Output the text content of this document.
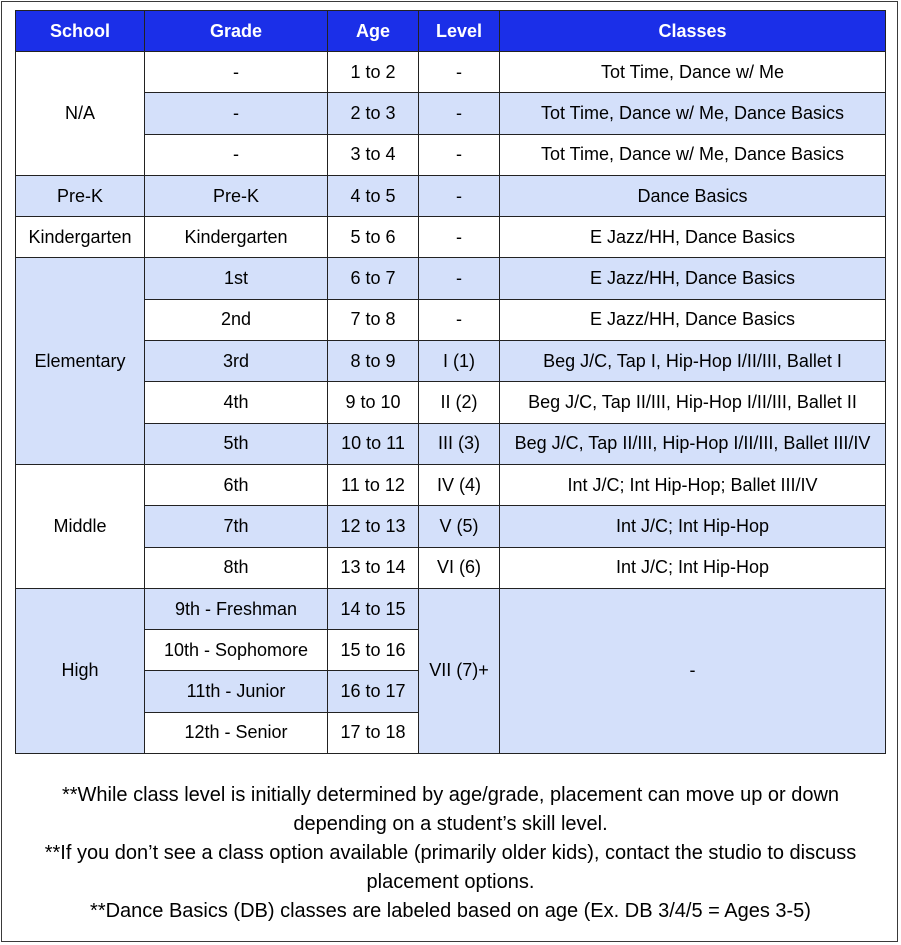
School	Grade	Age	Level	Classes
N/A	-	1 to 2	-	Tot Time, Dance w/ Me
	-	2 to 3	-	Tot Time, Dance w/ Me, Dance Basics
	-	3 to 4	-	Tot Time, Dance w/ Me, Dance Basics
Pre-K	Pre-K	4 to 5	-	Dance Basics
Kindergarten	Kindergarten	5 to 6	-	E Jazz/HH, Dance Basics
Elementary	1st	6 to 7	-	E Jazz/HH, Dance Basics
	2nd	7 to 8	-	E Jazz/HH, Dance Basics
	3rd	8 to 9	I (1)	Beg J/C, Tap I, Hip-Hop I/II/III, Ballet I
	4th	9 to 10	II (2)	Beg J/C, Tap II/III, Hip-Hop I/II/III, Ballet II
	5th	10 to 11	III (3)	Beg J/C, Tap II/III, Hip-Hop I/II/III, Ballet III/IV
Middle	6th	11 to 12	IV (4)	Int J/C; Int Hip-Hop; Ballet III/IV
	7th	12 to 13	V (5)	Int J/C; Int Hip-Hop
	8th	13 to 14	VI (6)	Int J/C; Int Hip-Hop
High	9th - Freshman	14 to 15	VII (7)+	-
	10th - Sophomore	15 to 16		
	11th - Junior	16 to 17		
	12th - Senior	17 to 18		

**While class level is initially determined by age/grade, placement can move up or down depending on a student’s skill level.

**If you don’t see a class option available (primarily older kids), contact the studio to discuss placement options.

**Dance Basics (DB) classes are labeled based on age (Ex. DB 3/4/5 = Ages 3-5)
